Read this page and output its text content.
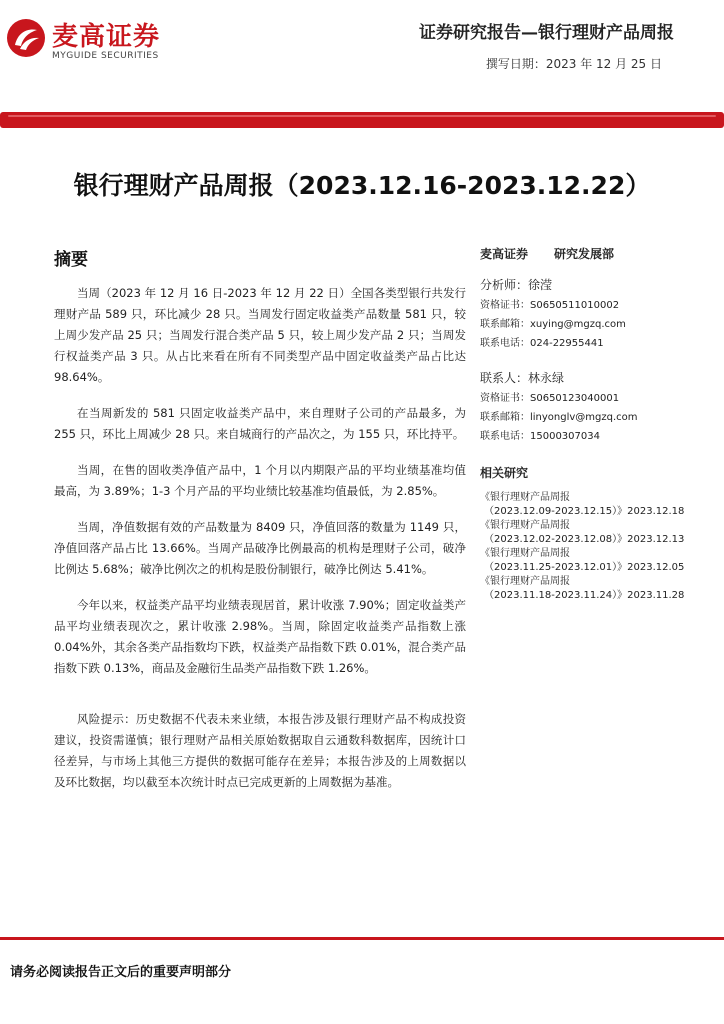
麦高证券
MYGUIDE SECURITIES
证券研究报告—银行理财产品周报
撰写日期：2023 年 12 月 25 日
银行理财产品周报（2023.12.16-2023.12.22）
摘要

当周（2023 年 12 月 16 日-2023 年 12 月 22 日）全国各类型银行共发行理财产品 589 只，环比减少 28 只。当周发行固定收益类产品数量 581 只，较上周少发产品 25 只；当周发行混合类产品 5 只，较上周少发产品 2 只；当周发行权益类产品 3 只。从占比来看在所有不同类型产品中固定收益类产品占比达 98.64%。

在当周新发的 581 只固定收益类产品中，来自理财子公司的产品最多，为 255 只，环比上周减少 28 只。来自城商行的产品次之，为 155 只，环比持平。

当周，在售的固收类净值产品中，1 个月以内期限产品的平均业绩基准均值最高，为 3.89%；1-3 个月产品的平均业绩比较基准均值最低，为 2.85%。

当周，净值数据有效的产品数量为 8409 只，净值回落的数量为 1149 只，净值回落产品占比 13.66%。当周产品破净比例最高的机构是理财子公司，破净比例达 5.68%；破净比例次之的机构是股份制银行，破净比例达 5.41%。

今年以来，权益类产品平均业绩表现居首，累计收涨 7.90%；固定收益类产品平均业绩表现次之，累计收涨 2.98%。当周，除固定收益类产品指数上涨 0.04%外，其余各类产品指数均下跌，权益类产品指数下跌 0.01%，混合类产品指数下跌 0.13%，商品及金融衍生品类产品指数下跌 1.26%。

风险提示：历史数据不代表未来业绩，本报告涉及银行理财产品不构成投资建议，投资需谨慎；银行理财产品相关原始数据取自云通数科数据库，因统计口径差异，与市场上其他三方提供的数据可能存在差异；本报告涉及的上周数据以及环比数据，均以截至本次统计时点已完成更新的上周数据为基准。

麦高证券 研究发展部
分析师：徐滢
资格证书：S0650511010002
联系邮箱：xuying@mgzq.com
联系电话：024-22955441
联系人：林永绿
资格证书：S0650123040001
联系邮箱：linyonglv@mgzq.com
联系电话：15000307034
相关研究
《银行理财产品周报
（2023.12.09-2023.12.15）》2023.12.18
《银行理财产品周报
（2023.12.02-2023.12.08）》2023.12.13
《银行理财产品周报
（2023.11.25-2023.12.01）》2023.12.05
《银行理财产品周报
（2023.11.18-2023.11.24）》2023.11.28
请务必阅读报告正文后的重要声明部分
